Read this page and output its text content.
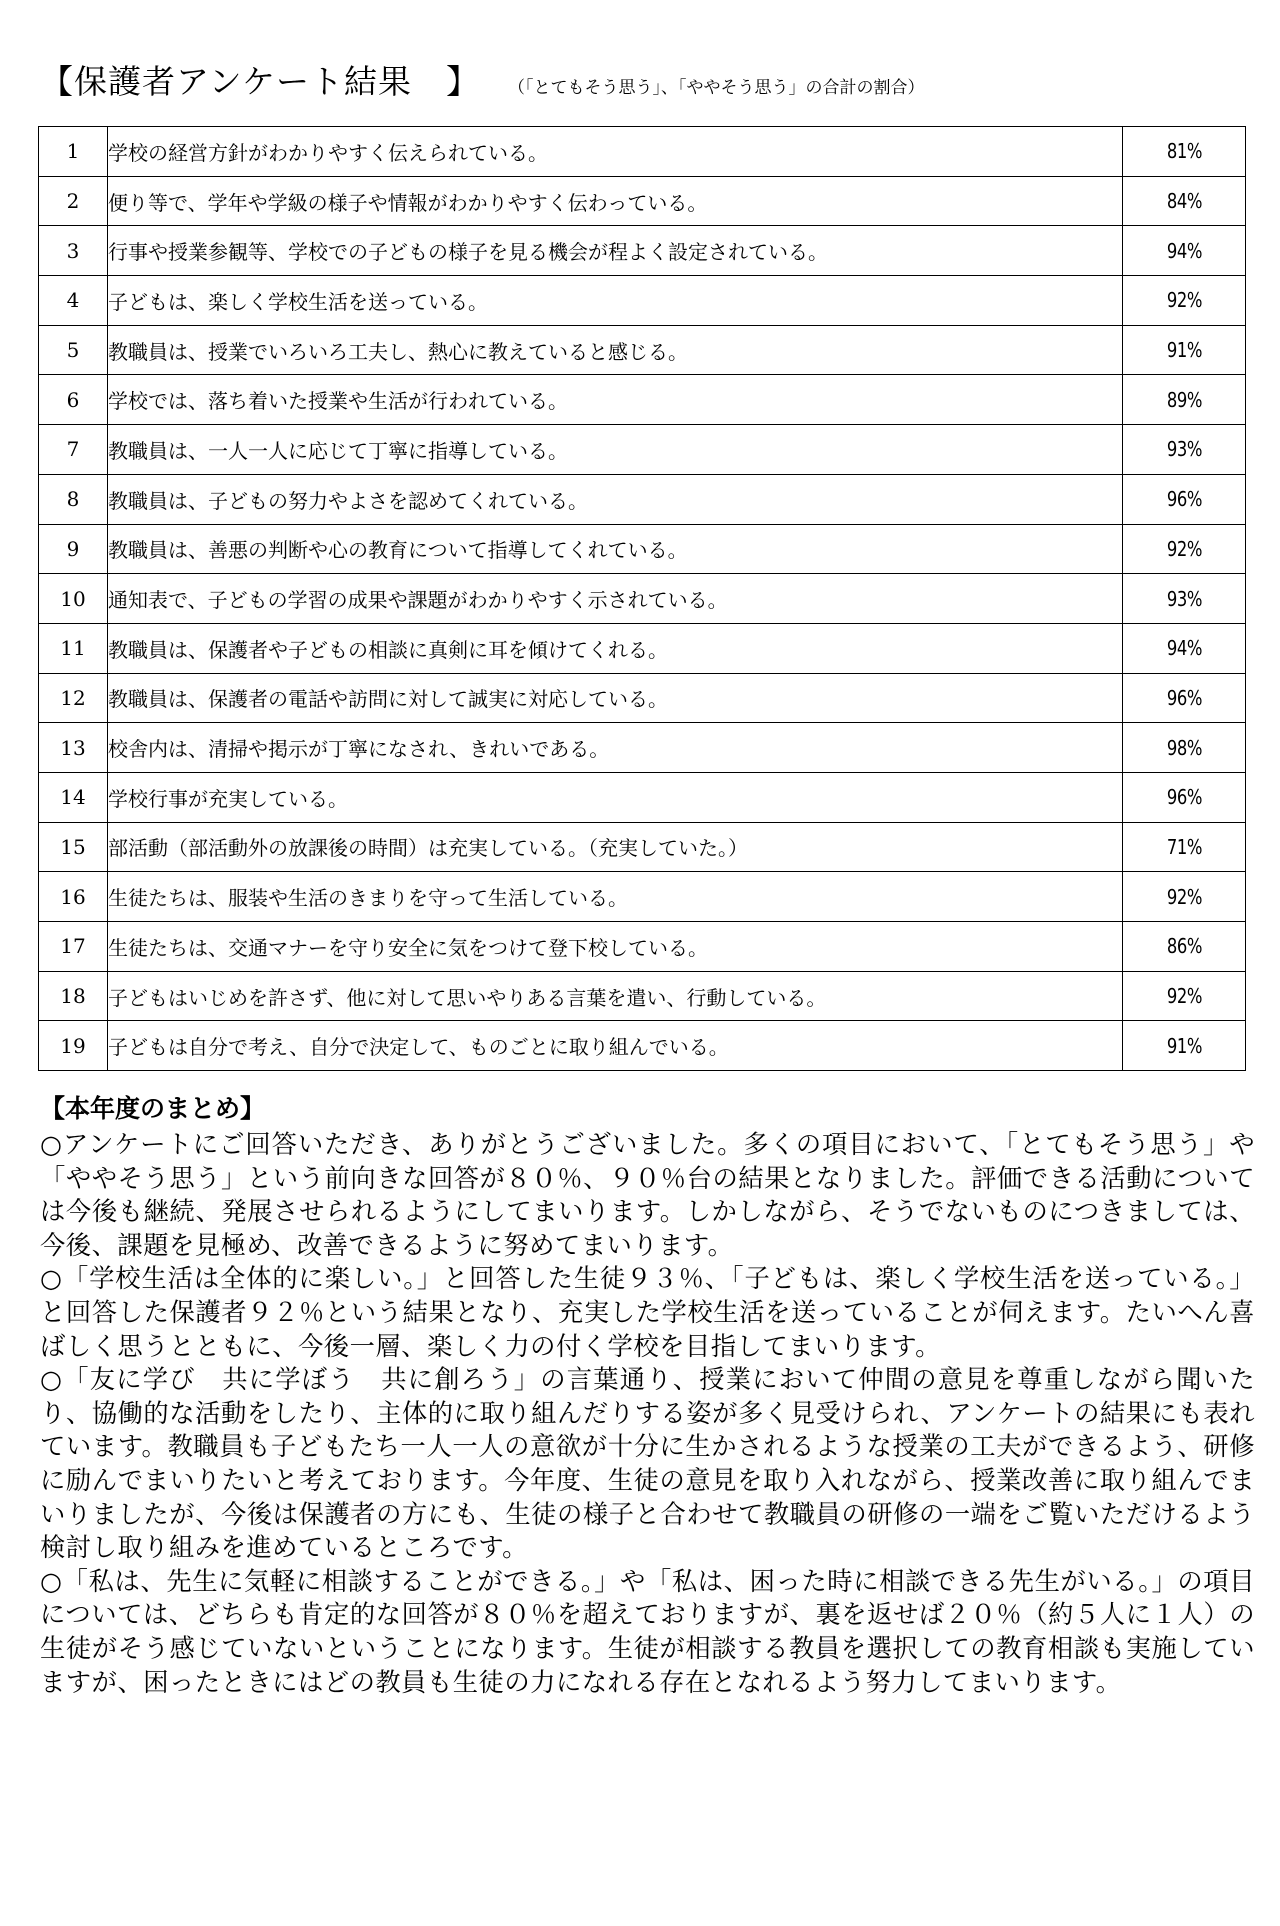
【保護者アンケート結果　】 （「とてもそう思う」、「ややそう思う」の合計の割合）
1	学校の経営方針がわかりやすく伝えられている。	81%
2	便り等で、学年や学級の様子や情報がわかりやすく伝わっている。	84%
3	行事や授業参観等、学校での子どもの様子を見る機会が程よく設定されている。	94%
4	子どもは、楽しく学校生活を送っている。	92%
5	教職員は、授業でいろいろ工夫し、熱心に教えていると感じる。	91%
6	学校では、落ち着いた授業や生活が行われている。	89%
7	教職員は、一人一人に応じて丁寧に指導している。	93%
8	教職員は、子どもの努力やよさを認めてくれている。	96%
9	教職員は、善悪の判断や心の教育について指導してくれている。	92%
10	通知表で、子どもの学習の成果や課題がわかりやすく示されている。	93%
11	教職員は、保護者や子どもの相談に真剣に耳を傾けてくれる。	94%
12	教職員は、保護者の電話や訪問に対して誠実に対応している。	96%
13	校舎内は、清掃や掲示が丁寧になされ、きれいである。	98%
14	学校行事が充実している。	96%
15	部活動（部活動外の放課後の時間）は充実している。（充実していた。）	71%
16	生徒たちは、服装や生活のきまりを守って生活している。	92%
17	生徒たちは、交通マナーを守り安全に気をつけて登下校している。	86%
18	子どもはいじめを許さず、他に対して思いやりある言葉を遣い、行動している。	92%
19	子どもは自分で考え、自分で決定して、ものごとに取り組んでいる。	91%
【本年度のまとめ】

○アンケートにご回答いただき、ありがとうございました。多くの項目において、「とてもそう思う」や「ややそう思う」という前向きな回答が８０％、９０％台の結果となりました。評価できる活動については今後も継続、発展させられるようにしてまいります。しかしながら、そうでないものにつきましては、今後、課題を見極め、改善できるように努めてまいります。

○「学校生活は全体的に楽しい。」と回答した生徒９３％、「子どもは、楽しく学校生活を送っている。」と回答した保護者９２％という結果となり、充実した学校生活を送っていることが伺えます。たいへん喜ばしく思うとともに、今後一層、楽しく力の付く学校を目指してまいります。

○「友に学び　共に学ぼう　共に創ろう」の言葉通り、授業において仲間の意見を尊重しながら聞いたり、協働的な活動をしたり、主体的に取り組んだりする姿が多く見受けられ、アンケートの結果にも表れています。教職員も子どもたち一人一人の意欲が十分に生かされるような授業の工夫ができるよう、研修に励んでまいりたいと考えております。今年度、生徒の意見を取り入れながら、授業改善に取り組んでまいりましたが、今後は保護者の方にも、生徒の様子と合わせて教職員の研修の一端をご覧いただけるよう検討し取り組みを進めているところです。

○「私は、先生に気軽に相談することができる。」や「私は、困った時に相談できる先生がいる。」の項目については、どちらも肯定的な回答が８０％を超えておりますが、裏を返せば２０％（約５人に１人）の生徒がそう感じていないということになります。生徒が相談する教員を選択しての教育相談も実施していますが、困ったときにはどの教員も生徒の力になれる存在となれるよう努力してまいります。
